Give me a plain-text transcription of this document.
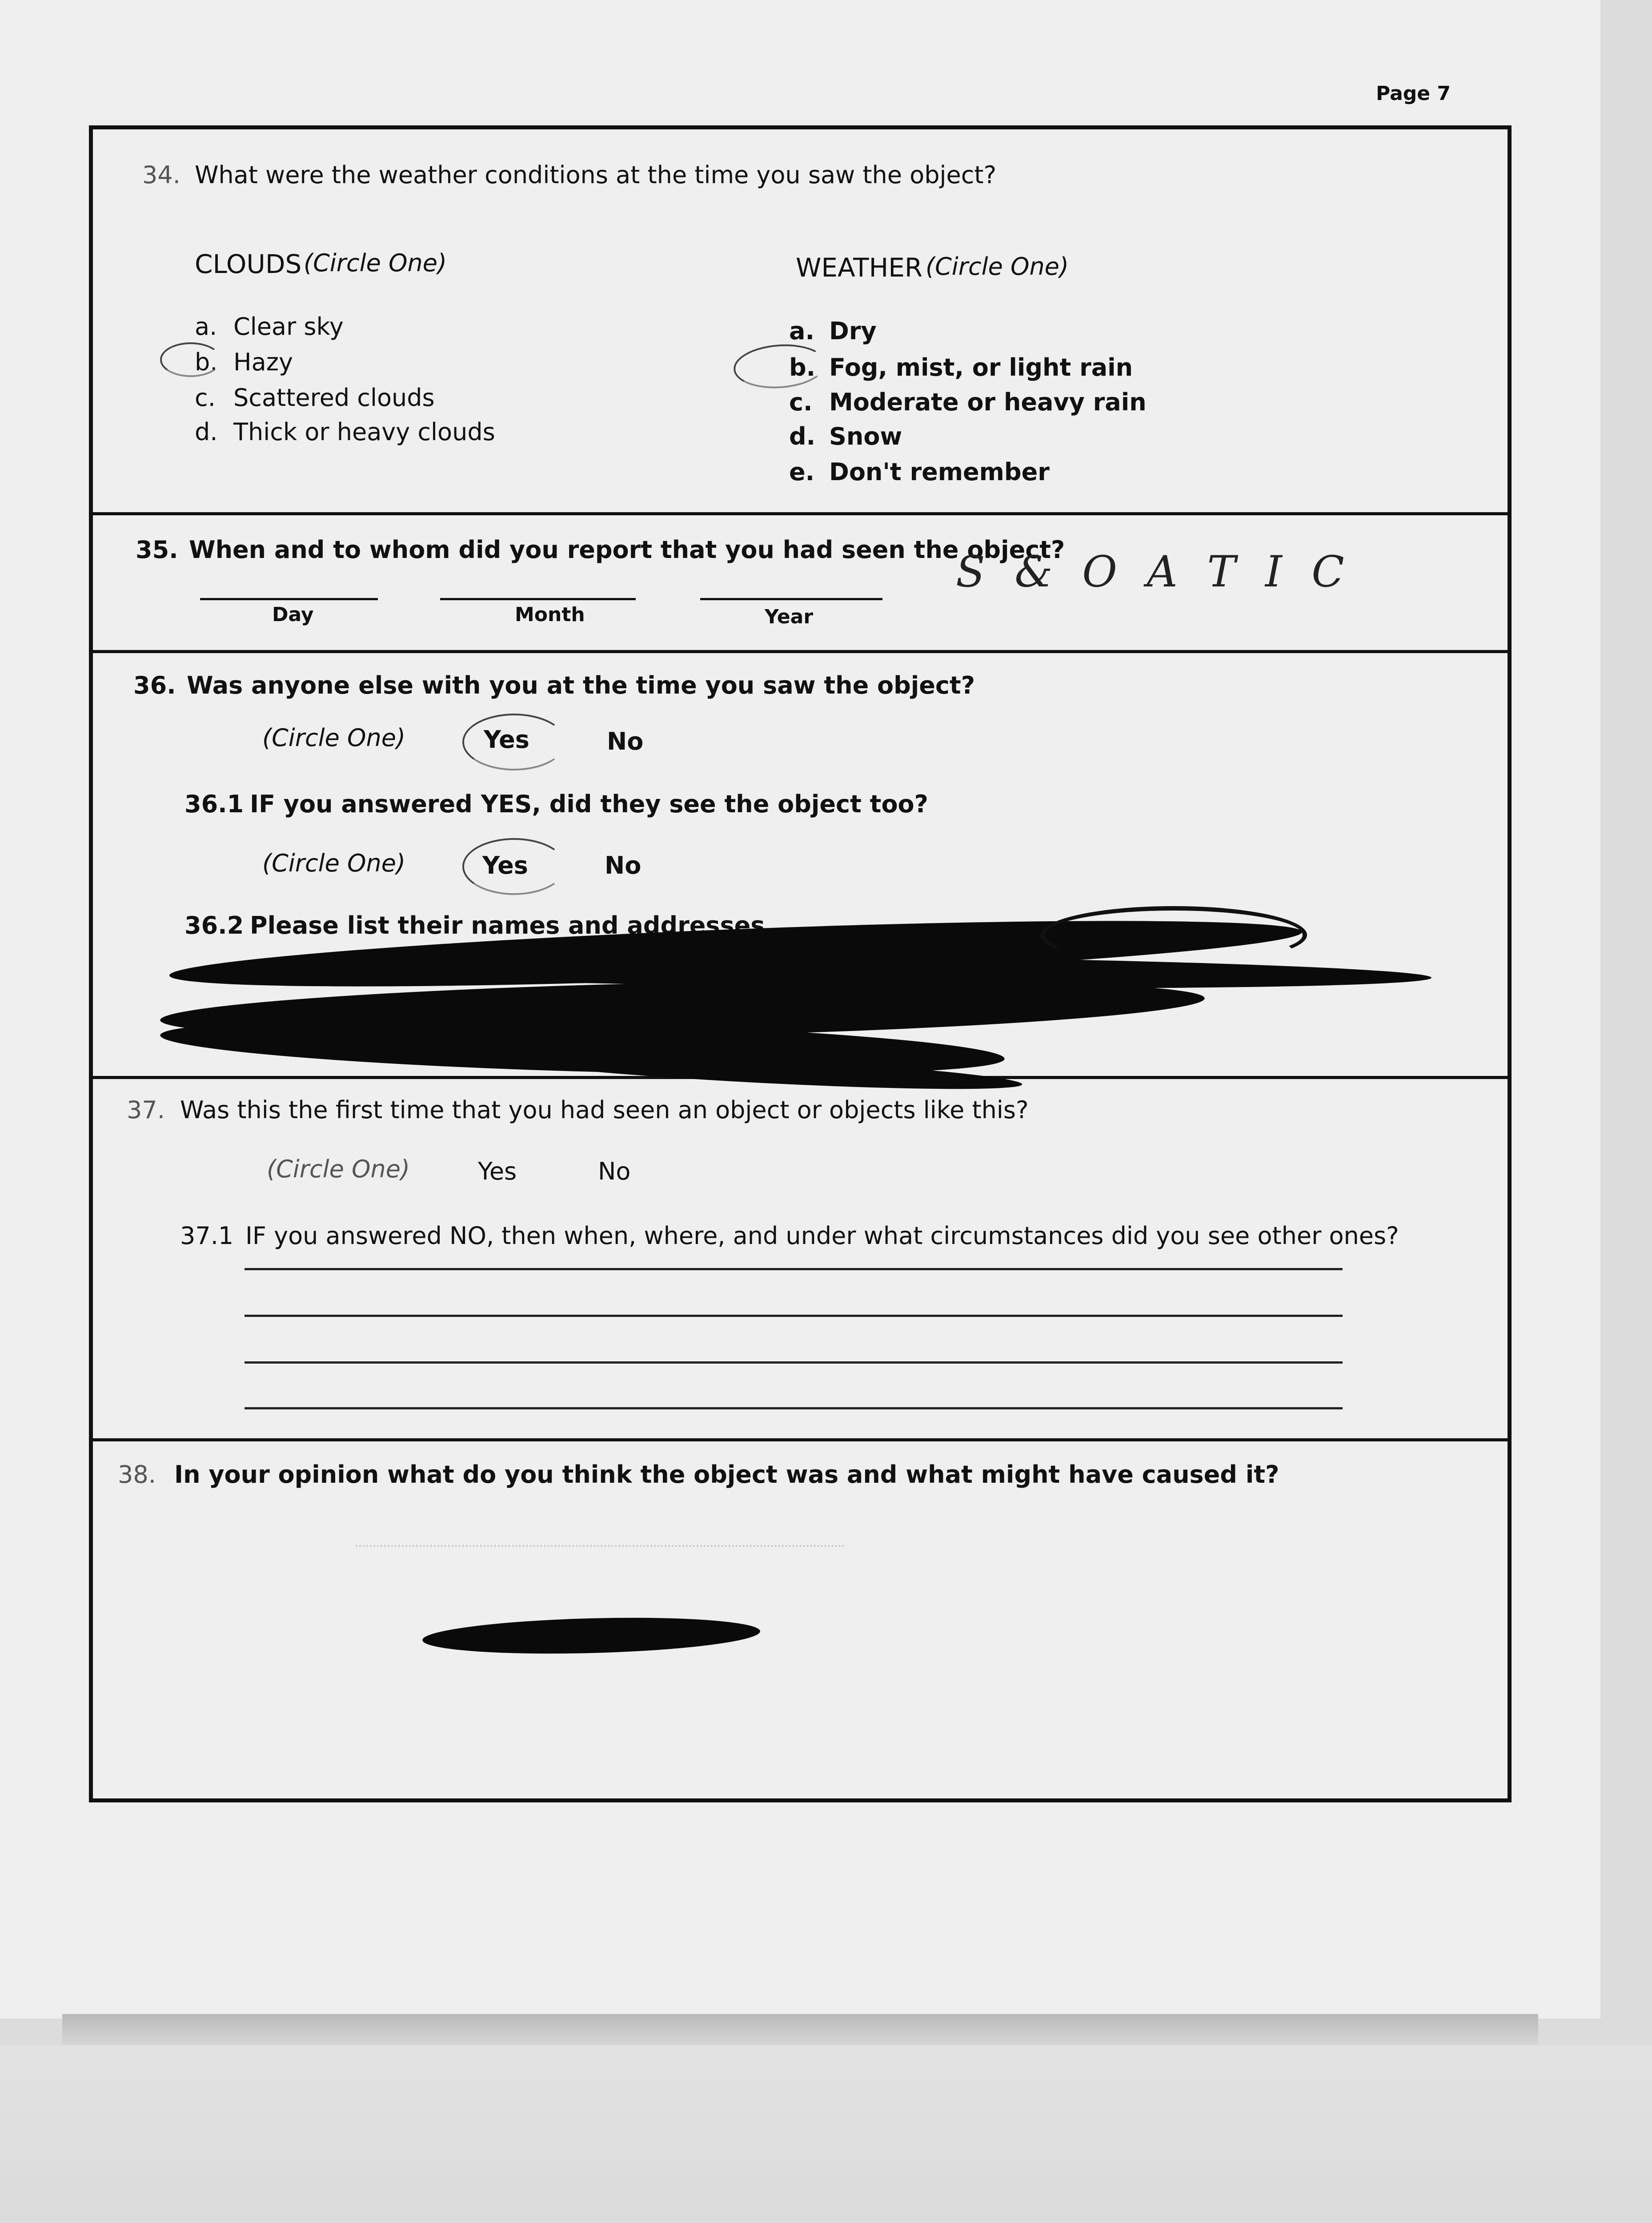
Page 7
34. What were the weather conditions at the time you saw the object?
CLOUDS (Circle One)
a. Clear sky
b. Hazy
c. Scattered clouds
d. Thick or heavy clouds
WEATHER (Circle One)
a. Dry
b. Fog, mist, or light rain
c. Moderate or heavy rain
d. Snow
e. Don't remember
35. When and to whom did you report that you had seen the object?
Day	Month	Year
S & O A T I C
36. Was anyone else with you at the time you saw the object?
(Circle One)	Yes	No
36.1 IF you answered YES, did they see the object too?
(Circle One)	Yes	No
36.2 Please list their names and addresses
37. Was this the first time that you had seen an object or objects like this?
(Circle One)	Yes	No
37.1 IF you answered NO, then when, where, and under what circumstances did you see other ones?
38. In your opinion what do you think the object was and what might have caused it?
